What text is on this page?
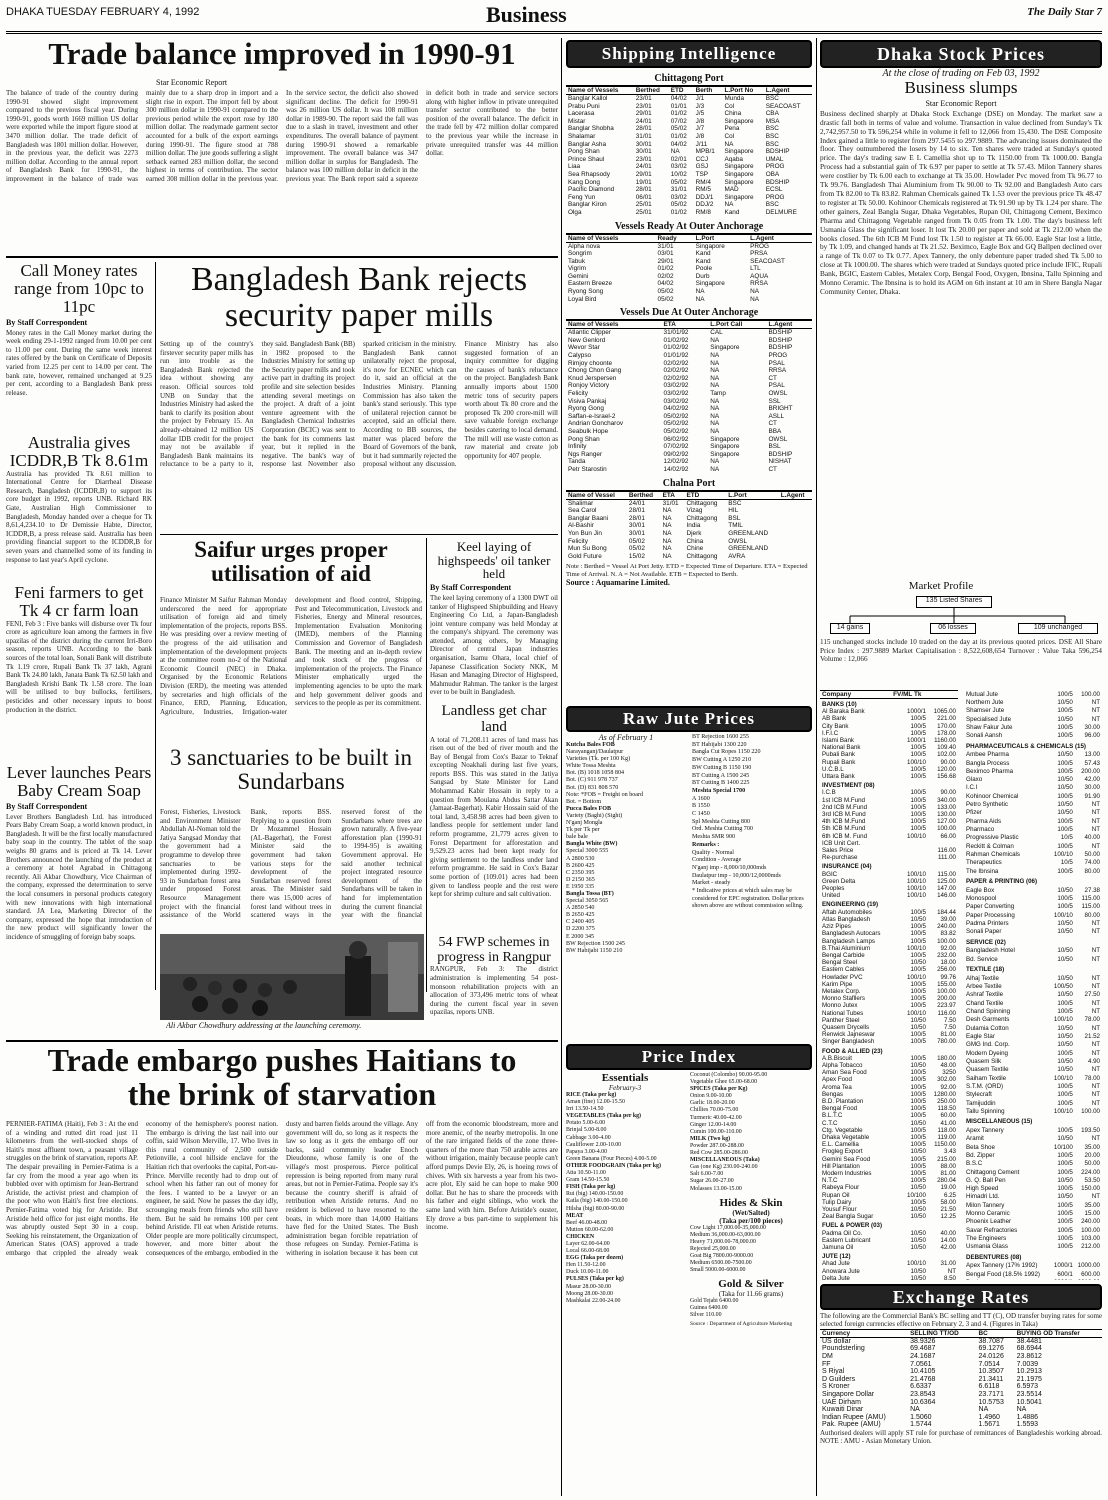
DHAKA TUESDAY FEBRUARY 4, 1992	Business	The Daily Star 7
Trade balance improved in 1990-91
Star Economic Report
The balance of trade of the country during 1990-91 showed slight improvement compared to the previous fiscal year. During 1990-91, goods worth 1669 million US dollar were exported while the import figure stood at 3470 million dollar. The trade deficit of Bangladesh was 1801 million dollar. However, in the previous year, the deficit was 2273 million dollar. According to the annual report of Bangladesh Bank for 1990-91, the improvement in the balance of trade was mainly due to a sharp drop in import and a slight rise in export. The import fell by about 300 million dollar in 1990-91 compared to the previous period while the export rose by 180 million dollar. The readymade garment sector accounted for a bulk of the export earnings during 1990-91. The figure stood at 788 million dollar. The jute goods suffering a slight setback earned 283 million dollar, the second highest in terms of contribution. The sector earned 308 million dollar in the previous year. In the service sector, the deficit also showed significant decline. The deficit for 1990-91 was 26 million US dollar. It was 108 million dollar in 1989-90. The report said the fall was due to a slash in travel, investment and other expenditures. The overall balance of payment during 1990-91 showed a remarkable improvement. The overall balance was 347 million dollar in surplus for Bangladesh. The balance was 100 million dollar in deficit in the previous year. The Bank report said a squeeze in deficit both in trade and service sectors along with higher inflow in private unrequited transfer sector contributed to the better position of the overall balance. The deficit in the trade fell by 472 million dollar compared to the previous year while the increase in private unrequited transfer was 44 million dollar.
Call Money rates range from 10pc to 11pc
By Staff Correspondent
Money rates in the Call Money market during the week ending 29-1-1992 ranged from 10.00 per cent to 11.00 per cent. During the same week interest rates offered by the bank on Certificate of Deposits varied from 12.25 per cent to 14.00 per cent. The bank rate, however, remained unchanged at 9.25 per cent, according to a Bangladesh Bank press release.
Australia gives ICDDR,B Tk 8.61m
Australia has provided Tk 8.61 million to International Centre for Diarrheal Disease Research, Bangladesh (ICDDR,B) to support its core budget in 1992, reports UNB. Richard RK Gate, Australian High Commissioner to Bangladesh, Monday handed over a cheque for Tk 8,61,4,234.10 to Dr Demissie Habte, Director, ICDDR,B, a press release said. Australia has been providing financial support to the ICDDR,B for seven years and channelled some of its funding in response to last year's April cyclone.
Feni farmers to get Tk 4 cr farm loan
FENI, Feb 3 : Five banks will disburse over Tk four crore as agriculture loan among the farmers in five upazilas of the district during the current Irri-Boro season, reports UNB. According to the bank sources of the total loan, Sonali Bank will distribute Tk 1.19 crore, Rupali Bank Tk 37 lakh, Agrani Bank Tk 24.80 lakh, Janata Bank Tk 62.50 lakh and Bangladesh Krishi Bank Tk 1.58 crore. The loan will be utilised to buy bullocks, fertilisers, pesticides and other necessary inputs to boost production in the district.
Lever launches Pears Baby Cream Soap
By Staff Correspondent
Lever Brothers Bangladesh Ltd. has introduced Pears Baby Cream Soap, a world known product, in Bangladesh. It will be the first locally manufactured baby soap in the country. The tablet of the soap weighs 80 grams and is priced at Tk 14. Lever Brothers announced the launching of the product at a ceremony at hotel Agrabad in Chittagong recently. Ali Akbar Chowdhury, Vice Chairman of the company, expressed the determination to serve the local consumers in personal products category with new innovations with high international standard. JA Lea, Marketing Director of the company, expressed the hope that introduction of the new product will significantly lower the incidence of smuggling of foreign baby soaps.
Bangladesh Bank rejects security paper mills
Setting up of the country's firstever security paper mills has run into trouble as the Bangladesh Bank rejected the idea without showing any reason. Official sources told UNB on Sunday that the Industries Ministry had asked the bank to clarify its position about the project by February 15. An already-obtained 12 million US dollar IDB credit for the project may not be available if Bangladesh Bank maintains its reluctance to be a party to it, they said. Bangladesh Bank (BB) in 1982 proposed to the Industries Ministry for setting up the Security paper mills and took active part in drafting its project profile and site selection besides attending several meetings on the project. A draft of a joint venture agreement with the Bangladesh Chemical Industries Corporation (BCIC) was sent to the bank for its comments last year, but it replied in the negative. The bank's way of response last November also sparked criticism in the ministry. Bangladesh Bank cannot unilaterally reject the proposal, it's now for ECNEC which can do it, said an official at the Industries Ministry. Planning Commission has also taken the bank's stand seriously. This type of unilateral rejection cannot be accepted, said an official there. According to BB sources, the matter was placed before the Board of Governors of the bank, but it had summarily rejected the proposal without any discussion. Finance Ministry has also suggested formation of an inquiry committee for digging the causes of bank's reluctance on the project. Bangladesh Bank annually imports about 1500 metric tons of security papers worth about Tk 80 crore and the proposed Tk 200 crore-mill will save valuable foreign exchange besides catering to local demand. The mill will use waste cotton as raw material and create job opportunity for 407 people.
Saifur urges proper utilisation of aid
Finance Minister M Saifur Rahman Monday underscored the need for appropriate utilisation of foreign aid and timely implementation of the projects, reports BSS. He was presiding over a review meeting of the progress of the aid utilisation and implementation of the development projects at the committee room no-2 of the National Economic Council (NEC) in Dhaka. Organised by the Economic Relations Division (ERD), the meeting was attended by secretaries and high officials of the Finance, ERD, Planning, Education, Agriculture, Industries, Irrigation-water development and flood control, Shipping, Post and Telecommunication, Livestock and Fisheries, Energy and Mineral resources, Implementation Evaluation Monitoring (IMED), members of the Planning Commission and Governor of Bangladesh Bank. The meeting and an in-depth review and took stock of the progress of implementation of the projects. The Finance Minister emphatically urged the implementing agencies to be upto the mark and help government deliver goods and services to the people as per its commitment.
Keel laying of highspeeds' oil tanker held
By Staff Correspondent
The keel laying ceremony of a 1300 DWT oil tanker of Highspeed Shipbuilding and Heavy Engineering Co Ltd, a Japan-Bangladesh joint venture company was held Monday at the company's shipyard. The ceremony was attended, among others, by Managing Director of central Japan industries organisation, Isamu Ohara, local chief of Japanese Classification Society NKK, M Hasan and Managing Director of Highspeed, Mahmudur Rahman. The tanker is the largest ever to be built in Bangladesh.
Landless get char land
A total of 71,208.11 acres of land mass has risen out of the bed of river mouth and the Bay of Bengal from Cox's Bazar to Teknaf excepting Noakhali during last five years, reports BSS. This was stated in the Jatiya Sangsad by State Minister for Land Mohammad Kabir Hossain in reply to a question from Moulana Abdus Sattar Akan (Jamaat-Bagerhat). Kabir Hossain said of the total land, 3,458.98 acres had been given to landless people for settlement under land reform programme, 21,779 acres given to Forest Department for afforestation and 9,529.23 acres had been kept ready for giving settlement to the landless under land reform programme. He said in Cox's Bazar some portion of (109.01) acres had been given to landless people and the rest were kept for shrimp culture and salt cultivation.
54 FWP schemes in progress in Rangpur
RANGPUR, Feb 3: The district administration is implementing 54 post-monsoon rehabilitation projects with an allocation of 373,496 metric tons of wheat during the current fiscal year in seven upazilas, reports UNB.
3 sanctuaries to be built in Sundarbans
Forest, Fisheries, Livestock and Environment Minister Abdullah Al-Noman told the Jatiya Sangsad Monday that the government had a programme to develop three sanctuaries to be implemented during 1992-93 in Sundarban forest area under proposed Forest Resource Management project with the financial assistance of the World Bank, reports BSS. Replying to a question from Dr Mozammel Hossain (AL-Bagerhat), the Forest Minister said the government had taken various steps for the development of the Sundarban reserved forest areas. The Minister said there was 15,000 acres of forest land without trees in scattered ways in the reserved forest of the Sundarbans where trees are grown naturally. A five-year afforestation plan (1990-91 to 1994-95) is awaiting Government approval. He said another technical project integrated resource development of the Sundarbans will be taken in hand for implementation during the current financial year with the financial
Ali Akbar Chowdhury addressing at the launching ceremony.
Trade embargo pushes Haitians to the brink of starvation
PERNIER-FATIMA (Haiti), Feb 3 : At the end of a winding and rutted dirt road just 11 kilometers from the well-stocked shops of Haiti's most affluent town, a peasant village struggles on the brink of starvation, reports AP. The despair prevailing in Pernier-Fatima is a far cry from the mood a year ago when its bubbled over with optimism for Jean-Bertrand Aristide, the activist priest and champion of the poor who won Haiti's first free elections. Pernier-Fatima voted big for Aristide. But Aristide held office for just eight months. He was abruptly ousted Sept 30 in a coup. Seeking his reinstatement, the Organization of American States (OAS) approved a trade embargo that crippled the already weak economy of the hemisphere's poorest nation. The embargo is driving the last nail into our coffin, said Wilson Merville, 17. Who lives in this rural community of 2,500 outside Petionville, a cool hillside enclave for the Haitian rich that overlooks the capital, Port-au-Prince. Merville recently had to drop out of school when his father ran out of money for the fees. I wanted to be a lawyer or an engineer, he said. Now he passes the day idly, scrounging meals from friends who still have them. But he said he remains 100 per cent behind Aristide. I'll eat when Aristide returns. Older people are more politically circumspect, however, and more bitter about the consequences of the embargo, embodied in the dusty and barren fields around the village. Any government will do, so long as it respects the law so long as it gets the embargo off our backs, said community leader Enoch Dieudonne, whose family is one of the village's most prosperous. Pierce political repression is being reported from many rural areas, but not in Pernier-Fatima. People say it's because the country sheriff is afraid of retribution when Aristide returns. And no resident is believed to have resorted to the boats, in which more than 14,000 Haitians have fled for the United States. The Bush administration began forcible repatriation of those refugees on Sunday. Pernier-Fatima is withering in isolation because it has been cut off from the economic bloodstream, more and more anemic, of the nearby metropolis. In one of the rare irrigated fields of the zone three-quarters of the more than 750 arable acres are without irrigation, mainly because people can't afford pumps Devie Ely, 26, is hoeing rows of chives. With six harvests a year from his two-acre plot, Ely said he can hope to make 900 dollar. But he has to share the proceeds with his father and eight siblings, who work the same land with him. Before Aristide's ouster, Ely drove a bus part-time to supplement his income.
Shipping Intelligence
Chittagong Port
Name of Vessels	Berthed	ETD	Berth	L.Port No	L.Agent
Banglar Kallol	23/01	04/02	J/1	Munda	BSC
Prabu Puni	23/01	01/01	J/3	Col	SEACOAST
Lacerasa	29/01	01/02	J/5	China	CBA
Mistar	24/01	07/02	J/8	Singapore	MSA
Banglar Shobha	28/01	05/02	J/7	Pena	BSC
Shalamar	31/01	01/02	J/8	Col	BSC
Banglar Asha	30/01	04/02	J/11	NA	BSC
Pong Shan	30/01	NA	MPB/1	Singapore	BDSHIP
Prince Shaul	23/01	02/01	CCJ	Aqaba	UMAL
Liaa	24/01	03/02	GSJ	Singapore	PROG
Sea Rhapsody	29/01	10/02	TSP	Singapore	OBA
Kang Dong	19/01	05/02	RM/4	Singapore	BDSHIP
Pacific Diamond	28/01	31/01	RM/5	MAD	ECSL
Feng Yun	06/01	03/02	DDJ/1	Singapore	PROG
Banglar Kiron	25/01	05/02	DDJ/2	NA	BSC
Olga	25/01	01/02	RM/8	Kand	DELMURE
Vessels Ready At Outer Anchorage
Name of Vessels	Ready	L.Port	L.Agent
Alpha nova	31/01	Singapore	PROG
Songrim	03/01	Kand	PRSA
Tabuk	29/01	Kand	SEACOAST
Vigrim	01/02	Poole	LTL
Gemini	02/02	Durb	AQUA
Eastern Breeze	04/02	Singapore	RRSA
Ryong Song	05/02	NA	NA
Loyal Bird	05/02	NA	NA
Vessels Due At Outer Anchorage
Name of Vessels	ETA	L.Port Call	L.Agent
Atlantic Clipper	31/01/92	CAL	BDSHIP
New Genlord	01/02/92	NA	BDSHIP
Wevor Star	01/02/92	Singapore	BDSHIP
Calypso	01/01/92	NA	PROG
Rimjoy choonte	02/02/92	NA	PSAL
Chong Chon Gang	02/02/92	NA	RRSA
Knud Jerspersen	02/02/92	NA	CT
Ronjoy Victory	03/02/92	NA	PSAL
Felicity	03/02/92	Tamp	OWSL
Visiva Pankaj	03/02/92	NA	SSL
Ryong Gong	04/02/92	NA	BRIGHT
Saffan-e-Israel-2	05/02/92	NA	ASLL
Andrian Goncharov	05/02/92	NA	CT
Seabulk Hope	05/02/92	NA	BBA
Pong Shan	06/02/92	Singapore	OWSL
Infinity	07/02/92	Singapore	BSL
Ngs Ranger	09/02/92	Singapore	BDSHIP
Tanda	12/02/92	NA	NISHAT
Petr Starostin	14/02/92	NA	CT
Chalna Port
Name of Vessel	Berthed	ETA	ETD	L.Port	L.Agent
Shalimar	24/01	31/01	Chittagong	BSC	
Sea Carol	28/01	NA	Vizag	HIL	
Banglar Baani	28/01	NA	Chittagong	BSL	
Al-Bashir	30/01	NA	India	TMIL	
Yon Bun Jin	30/01	NA	Djerk	GREENLAND	
Felicity	05/02	NA	China	OWSL	
Mun Su Bong	05/02	NA	Chine	GREENLAND	
Gold Future	15/02	NA	Chittagong	AVRA	
Note : Berthed = Vessel At Port Jetty. ETD = Expected Time of Departure. ETA = Expected Time of Arrival. N. A = Not Available. ETB = Expected to Berth.
Source : Aquamarine Limited.
Raw Jute Prices
As of February 1
Kutcha Bales FOB
Narayanganj/Daulatpur
Varieties (Tk. per 100 Kg)
White Tossa Meshta
Bot. (B) 1018 1058 804
Bot. (C) 911 978 737
Bot. (D) 831 808 570
Note: *FOB = Freight on board
Bot. = Bottom
Pucca Bales FOB
Variety (Baghi) (Sight)
N'ganj Mongla
Tk per Tk per
bale bale
Bangla White (BW)
Special 3000 555
A 2800 530
B 2600 425
C 2350 395
D 2150 365
E 1950 335
Bangla Tossa (BT)
Special 3050 565
A 2850 540
B 2650 425
C 2400 405
D 2200 375
E 2000 345
BW Rejection 1500 245
BW Habijabi 1150 210
BT Rejection 1600 255
BT Habijabi 1300 220
Bangla Cut Ropes 1150 220
BW Cutting A 1250 210
BW Cutting B 1150 190
BT Cutting A 1500 245
BT Cutting B 1400 225
Meshta Special 1700
A 1600
B 1550
C 1450
Spl Meshta Cutting 800
Ord. Meshta Cutting 700
Meshta SMR 900
Remarks :
Quality - Normal
Condition - Average
N'ganj imp - 8,000/10,000mds
Daulatpur imp - 10,000/12,0000mds
Market - steady
* Indicative prices at which sales may be considered for EPC registration. Dollar prices shown above are without commission selling.
Price Index
Essentials
February-3
RICE (Taka per kg)
Aman (fine) 12.00-15.50
Irri 13.50-14.50
VEGETABLES (Taka per kg)
Potato 5.00-6.00
Brinjal 5.00-8.00
Cabbage 3.00-4.00
Cauliflower 2.00-10.00
Papaya 3.00-4.00
Green Banana (Four Pieces) 4.00-5.00
OTHER FOODGRAIN (Taka per kg)
Atta 10.50-11.00
Gram 14.50-15.50
FISH (Taka per kg)
Rui (big) 140.00-150.00
Katla (big) 140.00-150.00
Hilsha (big) 80.00-90.00
MEAT
Beef 46.00-48.00
Mutton 60.00-62.00
CHICKEN
Layer 62.00-64.00
Local 66.00-68.00
EGG (Taka per dozen)
Hen 11.50-12.00
Duck 10.00-11.00
PULSES (Taka per kg)
Masur 28.00-30.00
Moong 28.00-30.00
Mashkalai 22.00-24.00
Coconut (Colombo) 90.00-95.00
Vegetable Ghee 65.00-68.00
SPICES (Taka per Kg)
Onion 9.00-10.00
Garlic 18.00-20.00
Chillies 70.00-75.00
Turmeric 40.00-42.00
Ginger 12.00-14.00
Cumin 100.00-110.00
MILK (Two kg)
Powder 287.00-288.00
Red Cow 285.00-286.00
MISCELLANEOUS (Taka)
Gas (one Kg) 230.00-240.00
Salt 6.00-7.00
Sugar 26.00-27.00
Molasses 13.00-15.00
Hides & Skin
(Wet/Salted)
(Taka per/100 pieces)
Cow Light 17,000.00-35,000.00
Medium 36,000.00-63,000.00
Heavy 71,000.00-78,000.00
Rejected 25,000.00
Goat Big 7800.00-9000.00
Medium 6500.00-7500.00
Small 5000.00-6000.00
Gold & Silver
(Taka for 11.66 grams)
Gold Tejabi 6400.00
Guinea 6400.00
Silver 110.00
Source : Department of Agriculture Marketing
Dhaka Stock Prices
At the close of trading on Feb 03, 1992
Business slumps
Star Economic Report
Business declined sharply at Dhaka Stock Exchange (DSE) on Monday. The market saw a drastic fall both in terms of value and volume. Transaction in value declined from Sunday's Tk 2,742,957.50 to Tk 596,254 while in volume it fell to 12,066 from 15,430. The DSE Composite Index gained a little to register from 297.5455 to 297.9889. The advancing issues dominated the floor. They outnumbered the losers by 14 to six. Ten shares were traded at Sunday's quoted price. The day's trading saw E L Camellia shot up to Tk 1150.00 from Tk 1000.00. Bangla Process had a substantial gain of Tk 6.97 per paper to settle at Tk 57.43. Milon Tannery shares were costlier by Tk 6.00 each to exchange at Tk 35.00. Howlader Pvc moved from Tk 96.77 to Tk 99.76. Bangladesh Thai Aluminium from Tk 90.00 to Tk 92.00 and Bangladesh Auto cars from Tk 82.00 to Tk 83.82. Rahman Chemicals gained Tk 1.53 over the previous price Tk 48.47 to register at Tk 50.00. Kohinoor Chemicals registered at Tk 91.90 up by Tk 1.24 per share. The other gainers, Zeal Bangla Sugar, Dhaka Vegetables, Rupan Oil, Chittagong Cement, Beximco Pharma and Chittagong Vegetable ranged from Tk 0.05 from Tk 1.00. The day's business left Usmania Glass the significant loser. It lost Tk 20.00 per paper and sold at Tk 212.00 when the books closed. The 6th ICB M Fund lost Tk 1.50 to register at Tk 66.00. Eagle Star lost a little, by Tk 1.09, and changed hands at Tk 21.52. Beximco, Eagle Box and GQ Ballpen declined over a range of Tk 0.07 to Tk 0.77. Apex Tannery, the only debenture paper traded shed Tk 5.00 to close at Tk 1000.00. The shares which were traded at Sundays quoted price include IFIC, Rupali Bank, BGIC, Eastern Cables, Metalex Corp, Bengal Food, Oxygen, Ibnsina, Tallu Spinning and Monno Ceramic. The Ibnsina is to hold its AGM on 6th instant at 10 am in Shere Bangla Nagar Community Center, Dhaka.
Market Profile
135 Listed Shares
14 gains	06 losses	109 unchanged
115 unchanged stocks include 10 traded on the day at its previous quoted prices. DSE All Share Price Index : 297.9889 Market Capitalisation : 8,522,608,654 Turnover : Value Taka 596,254 Volume : 12,066
Company	FV/ML Tk	
BANKS (10)		
Al Baraka Bank	1000/1	1065.00
AB Bank	100/5	221.00
City Bank	100/5	170.00
I.F.I.C	100/5	178.00
Islami Bank	1000/1	1160.00
National Bank	100/5	109.40
Pubali Bank	100/5	102.00
Rupali Bank	100/10	90.00
U.C.B.L	100/5	120.00
Uttara Bank	100/5	156.68
INVESTMENT (08)		
I.C.B	100/5	90.00
1st ICB M.Fund	100/5	340.00
2nd ICB M.Fund	100/5	133.00
3rd ICB M.Fund	100/5	130.00
4th ICB M.Fund	100/5	127.00
5th ICB M.Fund	100/5	100.00
6th ICB M. Fund	100/10	66.00
ICB Unit Cert.		
Sales Price		116.00
Re-purchase		111.00
INSURANCE (04)		
BGIC	100/10	115.00
Green Delta	100/10	125.00
Peoples	100/10	147.00
United	100/10	146.00
ENGINEERING (19)		
Aftab Automobiles	100/5	184.44
Atlas Bangladesh	10/50	39.00
Aziz Pipes	100/5	240.00
Bangladesh Autocars	100/5	83.82
Bangladesh Lamps	100/5	100.00
B.Thai Aluminium	100/10	92.00
Bengal Carbide	100/5	232.00
Bengal Steel	10/50	18.00
Eastern Cables	100/5	256.00
Howlader PVC	100/10	99.76
Karim Pipe	100/5	155.00
Metalex Corp.	100/5	100.00
Monno Stafllers	100/5	200.00
Monno Jutex	100/5	223.97
National Tubes	100/10	116.00
Panther Steel	10/50	7.50
Quasem Drycells	10/50	7.50
Renwick Jajneswar	100/5	81.00
Singer Bangladesh	100/5	780.00
FOOD & ALLIED (23)		
A.B.Biscuit	100/5	180.00
Alpha Tobacco	10/50	48.00
Aman Sea Food	100/5	3250
Apex Food	100/5	302.00
Aroma Tea	100/5	92.00
Bengas	100/5	1280.00
B.D. Plantation	100/5	250.00
Bengal Food	100/5	118.50
B.L.T.C	100/5	60.00
C.T.C	10/50	41.00
Ctg. Vegetable	100/5	118.00
Dhaka Vegetable	100/5	119.00
E.L. Camellia	100/5	1150.00
Frogleg Export	10/50	3.43
Gemini Sea Food	100/5	215.00
Hill Plantation	100/5	88.00
Modern Industries	100/5	81.00
N.T.C	100/5	280.04
Rabeya Flour	10/50	19.00
Rupan Oil	10/100	6.25
Tulip Dairy	100/5	58.00
Yousuf Flour	10/50	21.50
Zeal Bangla Sugar	10/50	12.25
FUEL & POWER (03)		
Padma Oil Co.	10/50	40.00
Eastern Lubricant	10/50	14.00
Jamuna Oil	10/50	42.00
JUTE (12)		
Ahad Jute	100/10	31.00
Anowara Jute	10/50	NT
Delta Jute	10/50	8.50

Mutual Jute	100/5	100.00
Northern Jute	10/50	NT
Shamser Jute	100/5	NT
Specialised Jute	10/50	NT
Shaw Fakur Jute	100/5	30.00
Sonali Aansh	100/5	96.00
PHARMACEUTICALS & CHEMICALS (15)		
Ambee Pharma	10/50	13.00
Bangla Process	100/5	57.43
Beximco Pharma	100/5	200.00
Glaxo	10/50	42.00
I.C.I	10/50	30.00
Kohinoor Chemical	100/5	91.90
Petro Synthetic	10/50	NT
Pfizer	10/50	NT
Pharma Aids	100/5	NT
Pharmaco	100/5	NT
Progressive Plastic	10/5	40.00
Reckitt & Colman	100/5	NT
Rahman Chemicals	100/10	50.00
Therapeutics	10/5	74.00
The Ibnsina	100/5	80.00
PAPER & PRINTING (06)		
Eagle Box	10/50	27.38
Monospool	100/5	115.00
Paper Converting	100/5	115.00
Paper Processing	100/10	80.00
Padma Printers	10/50	NT
Sonali Paper	10/50	NT
SERVICE (02)		
Bangladesh Hotel	10/50	NT
Bd. Service	10/50	NT
TEXTILE (18)		
Alhaj Textile	10/50	NT
Arbee Textile	100/50	NT
Ashraf Textile	10/50	27.50
Chand Textile	100/5	NT
Chand Spinning	100/5	NT
Desh Garments	100/10	78.00
Dulamia Cotton	10/50	NT
Eagle Star	10/50	21.52
GMG Ind. Corp.	10/50	NT
Modern Dyeing	100/5	NT
Quasem Silk	10/50	4.90
Quasem Textile	10/50	NT
Saiham Textile	100/10	78.00
S.T.M. (ORD)	100/5	NT
Stylecraft	100/5	NT
Tamijuddin	100/5	NT
Tallu Spinning	100/10	100.00
MISCELLANEOUS (15)		
Apex Tannery	100/5	193.50
Aramit	10/50	NT
Beta Shoe	10/100	35.00
Bd. Zipper	100/5	20.00
B.S.C	100/5	50.00
Chittagong Cement	100/5	224.00
G. Q. Ball Pen	10/50	53.50
High Speed	100/5	150.00
Himadri Ltd.	10/50	NT
Milon Tannery	100/5	35.00
Monno Ceramic	100/5	15.00
Phoenix Leather	100/5	240.00
Savar Refractories	100/5	100.00
The Engineers	100/5	103.00
Usmania Glass	100/5	212.00
DEBENTURES (08)		
Apex Tannery (17% 1992)	1000/1	1000.00
Bengal Food (18.5% 1992)	600/1	600.00

Exchange Rates
The following are the Commercial Bank's BC selling and TT (C), OD transfer buying rates for some selected foreign currencies effective on February 2, 3 and 4. (Figures in Taka)
Currency	SELLING TT/OD	BC	BUYING OD Transfer
US dollar	38.9326	38.7087	38.4481
Poundsterling	69.4687	69.1276	68.6944
DM	24.1687	24.0126	23.8612
FF	7.0561	7.0514	7.0039
S Riyal	10.4105	10.3507	10.2913
D Guilders	21.4768	21.3411	21.1975
S Kroner	6.6337	6.6118	6.5973
Singapore Dollar	23.8543	23.7171	23.5514
UAE Dirham	10.6364	10.5753	10.5041
Kuwaiti Dinar	NA	NA	NA
Indian Rupee (AMU)	1.5060	1.4960	1.4886
Pak. Rupee (AMU)	1.5744	1.5671	1.5593
Authorised dealers will apply ST rule for purchase of remittances of Bangladeshis working abroad. NOTE : AMU - Asian Monetary Union.
